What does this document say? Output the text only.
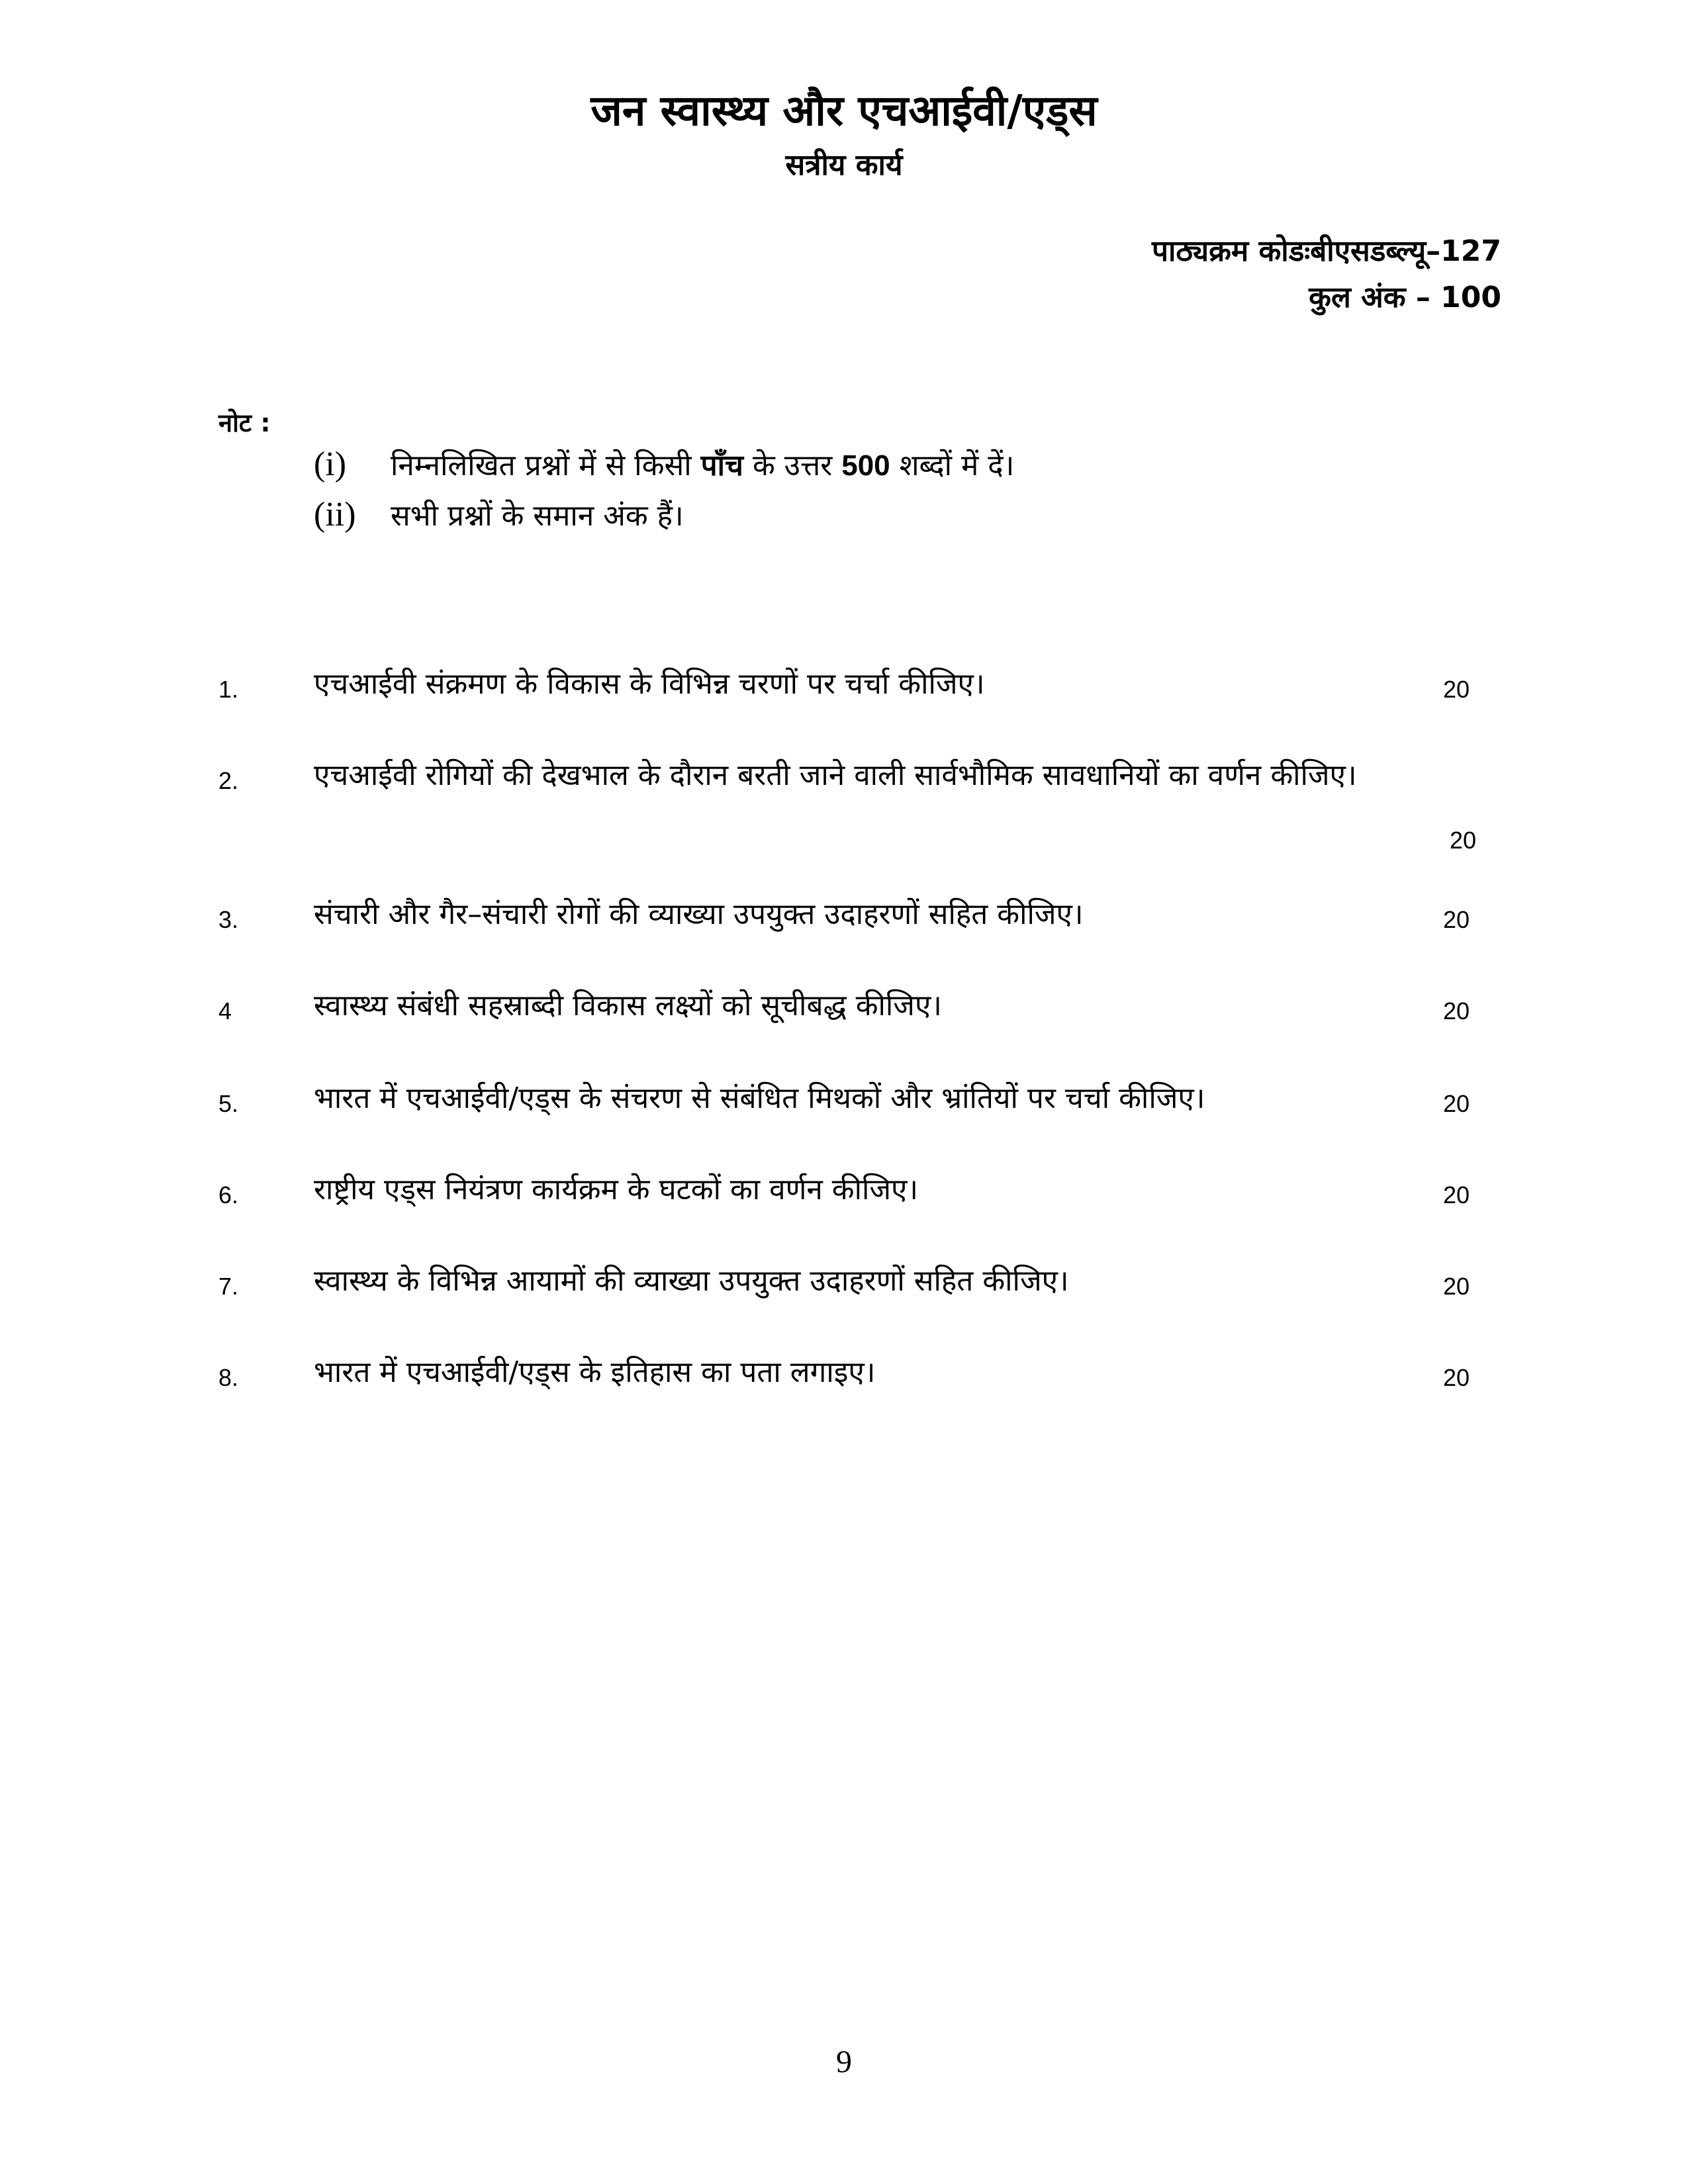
जन स्वास्थ्य और एचआईवी/एड्स
सत्रीय कार्य
पाठ्यक्रम कोडःबीएसडब्ल्यू–127
कुल अंक – 100
नोट :
(i) निम्नलिखित प्रश्नों में से किसी पाँच के उत्तर 500 शब्दों में दें।
(ii) सभी प्रश्नों के समान अंक हैं।
1.	एचआईवी संक्रमण के विकास के विभिन्न चरणों पर चर्चा कीजिए।	20
2.	एचआईवी रोगियों की देखभाल के दौरान बरती जाने वाली सार्वभौमिक सावधानियों का वर्णन कीजिए।
20
3.	संचारी और गैर–संचारी रोगों की व्याख्या उपयुक्त उदाहरणों सहित कीजिए।	20
4	स्वास्थ्य संबंधी सहस्राब्दी विकास लक्ष्यों को सूचीबद्ध कीजिए।	20
5.	भारत में एचआईवी/एड्स के संचरण से संबंधित मिथकों और भ्रांतियों पर चर्चा कीजिए।	20
6.	राष्ट्रीय एड्स नियंत्रण कार्यक्रम के घटकों का वर्णन कीजिए।	20
7.	स्वास्थ्य के विभिन्न आयामों की व्याख्या उपयुक्त उदाहरणों सहित कीजिए।	20
8.	भारत में एचआईवी/एड्स के इतिहास का पता लगाइए।	20
9
